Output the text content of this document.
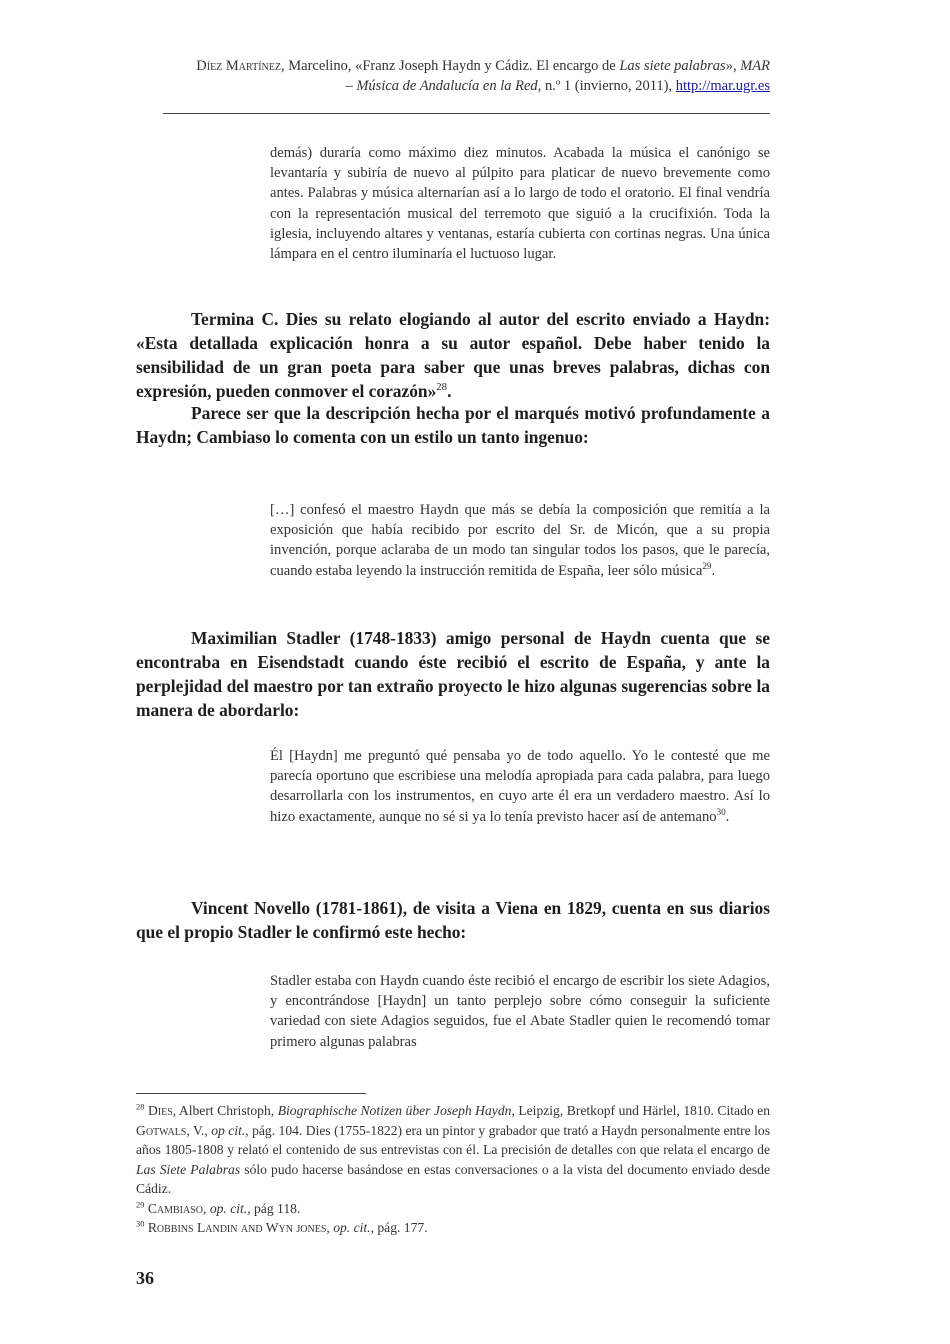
Díez Martínez, Marcelino, «Franz Joseph Haydn y Cádiz. El encargo de Las siete palabras», MAR
– Música de Andalucía en la Red, n.º 1 (invierno, 2011), http://mar.ugr.es

demás) duraría como máximo diez minutos. Acabada la música el canónigo se levantaría y subiría de nuevo al púlpito para platicar de nuevo brevemente como antes. Palabras y música alternarían así a lo largo de todo el oratorio. El final vendría con la representación musical del terremoto que siguió a la crucifixión. Toda la iglesia, incluyendo altares y ventanas, estaría cubierta con cortinas negras. Una única lámpara en el centro iluminaría el luctuoso lugar.

Termina C. Dies su relato elogiando al autor del escrito enviado a Haydn: «Esta detallada explicación honra a su autor español. Debe haber tenido la sensibilidad de un gran poeta para saber que unas breves palabras, dichas con expresión, pueden conmover el corazón»$^{28}$.

Parece ser que la descripción hecha por el marqués motivó profundamente a Haydn; Cambiaso lo comenta con un estilo un tanto ingenuo:

[…] confesó el maestro Haydn que más se debía la composición que remitía a la exposición que había recibido por escrito del Sr. de Micón, que a su propia invención, porque aclaraba de un modo tan singular todos los pasos, que le parecía, cuando estaba leyendo la instrucción remitida de España, leer sólo música$^{29}$.

Maximilian Stadler (1748-1833) amigo personal de Haydn cuenta que se encontraba en Eisendstadt cuando éste recibió el escrito de España, y ante la perplejidad del maestro por tan extraño proyecto le hizo algunas sugerencias sobre la manera de abordarlo:

Él [Haydn] me preguntó qué pensaba yo de todo aquello. Yo le contesté que me parecía oportuno que escribiese una melodía apropiada para cada palabra, para luego desarrollarla con los instrumentos, en cuyo arte él era un verdadero maestro. Así lo hizo exactamente, aunque no sé si ya lo tenía previsto hacer así de antemano$^{30}$.

Vincent Novello (1781-1861), de visita a Viena en 1829, cuenta en sus diarios que el propio Stadler le confirmó este hecho:

Stadler estaba con Haydn cuando éste recibió el encargo de escribir los siete Adagios, y encontrándose [Haydn] un tanto perplejo sobre cómo conseguir la suficiente variedad con siete Adagios seguidos, fue el Abate Stadler quien le recomendó tomar primero algunas palabras

$^{28}$ Dies, Albert Christoph, Biographische Notizen über Joseph Haydn, Leipzig, Bretkopf und Härlel, 1810. Citado en Gotwals, V., op cit., pág. 104. Dies (1755-1822) era un pintor y grabador que trató a Haydn personalmente entre los años 1805-1808 y relató el contenido de sus entrevistas con él. La precisión de detalles con que relata el encargo de Las Siete Palabras sólo pudo hacerse basándose en estas conversaciones o a la vista del documento enviado desde Cádiz.

$^{29}$ Cambiaso, op. cit., pág 118.

$^{30}$ Robbins Landin and Wyn jones, op. cit., pág. 177.

36
